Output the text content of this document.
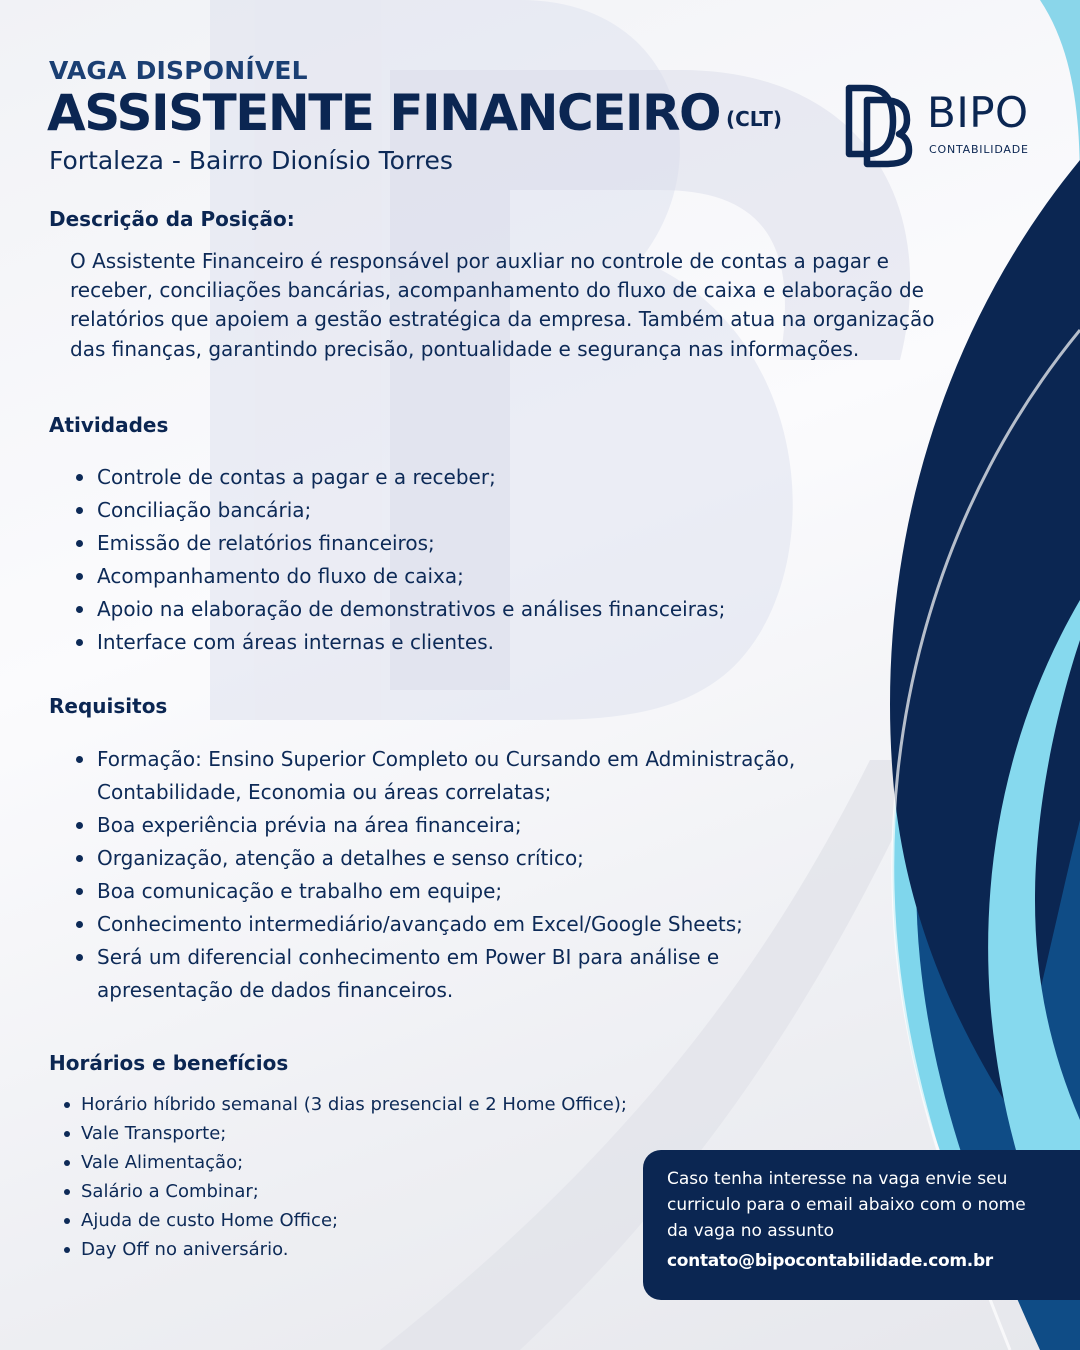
VAGA DISPONÍVEL
ASSISTENTE FINANCEIRO (CLT)

Fortaleza - Bairro Dionísio Torres

BIPO

CONTABILIDADE

Descrição da Posição:

O Assistente Financeiro é responsável por auxliar no controle de contas a pagar e receber, conciliações bancárias, acompanhamento do fluxo de caixa e elaboração de relatórios que apoiem a gestão estratégica da empresa. Também atua na organização das finanças, garantindo precisão, pontualidade e segurança nas informações.

Atividades
Controle de contas a pagar e a receber;
Conciliação bancária;
Emissão de relatórios financeiros;
Acompanhamento do fluxo de caixa;
Apoio na elaboração de demonstrativos e análises financeiras;
Interface com áreas internas e clientes.
Requisitos
Formação: Ensino Superior Completo ou Cursando em Administração, Contabilidade, Economia ou áreas correlatas;
Boa experiência prévia na área financeira;
Organização, atenção a detalhes e senso crítico;
Boa comunicação e trabalho em equipe;
Conhecimento intermediário/avançado em Excel/Google Sheets;
Será um diferencial conhecimento em Power BI para análise e apresentação de dados financeiros.
Horários e benefícios
Horário híbrido semanal (3 dias presencial e 2 Home Office);
Vale Transporte;
Vale Alimentação;
Salário a Combinar;
Ajuda de custo Home Office;
Day Off no aniversário.

Caso tenha interesse na vaga envie seu curriculo para o email abaixo com o nome da vaga no assunto

contato@bipocontabilidade.com.br
